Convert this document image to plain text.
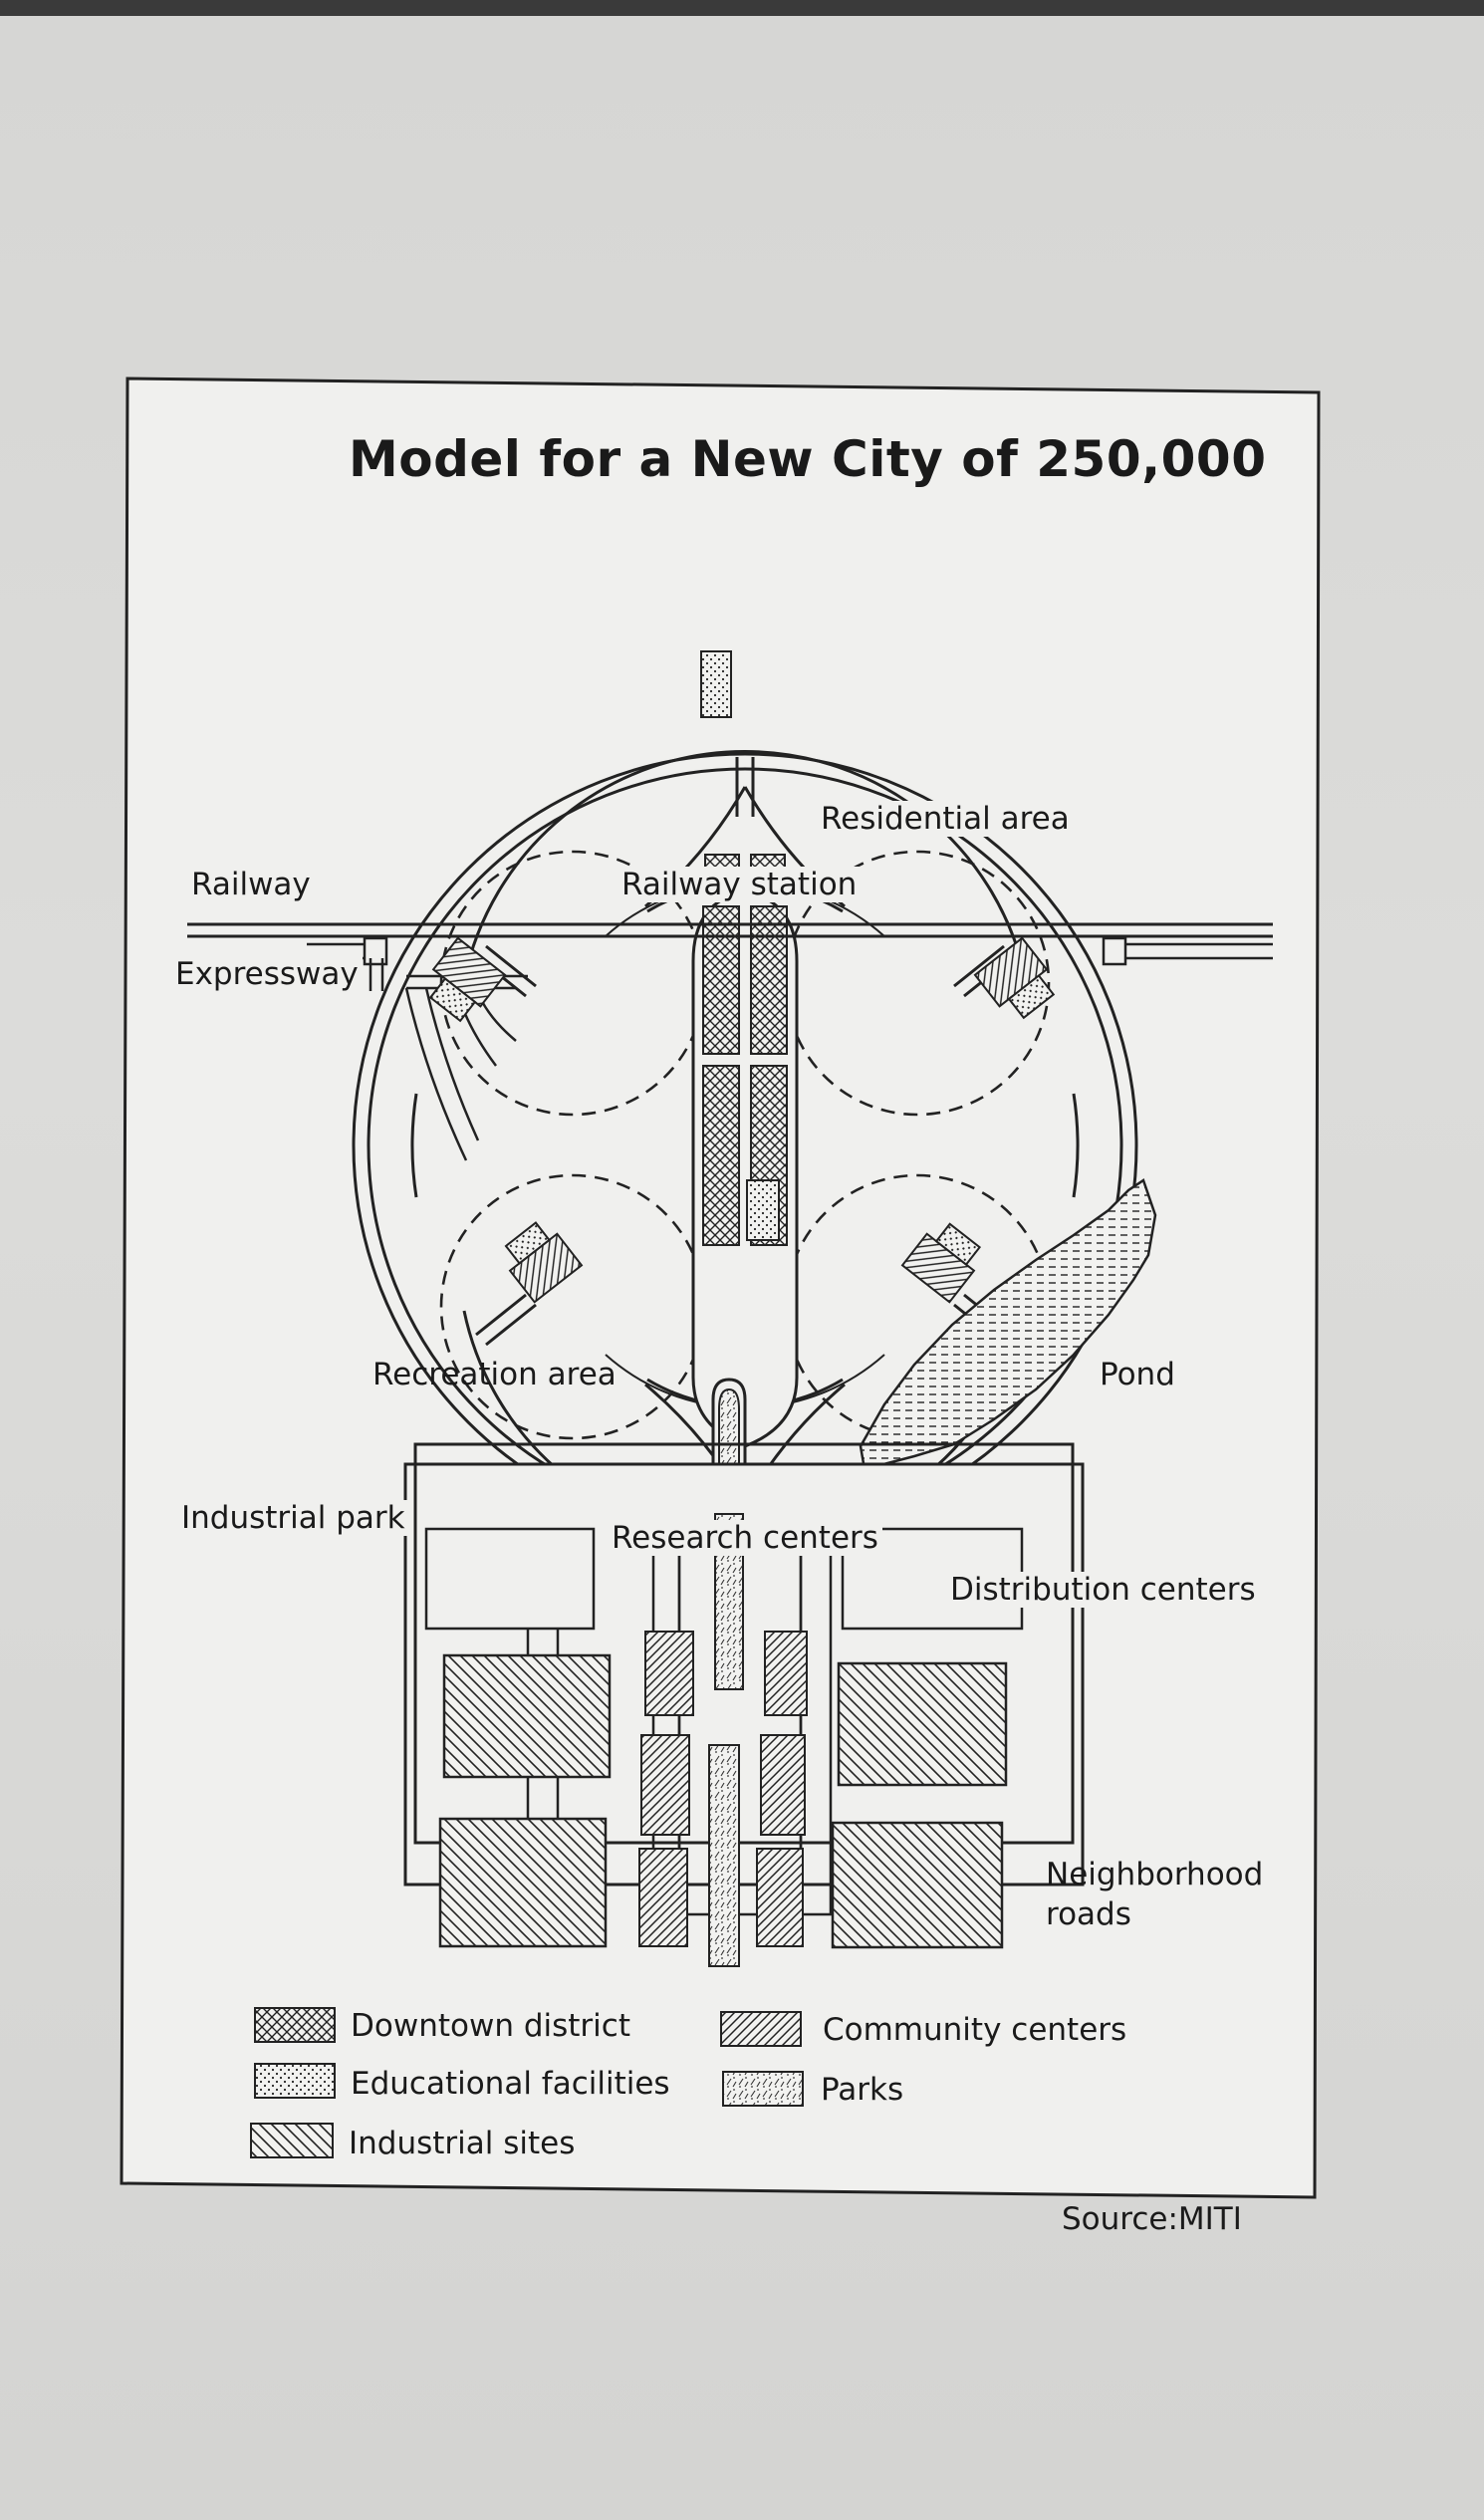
Model for a New City of 250,000
Railway
Expressway
Railway station
Residential area
Recreation area	Pond
Industrial park
Research centers
Distribution centers
Neighborhood roads
Downtown district
Educational facilities
Industrial sites
Community centers
Parks
Source:MITI
